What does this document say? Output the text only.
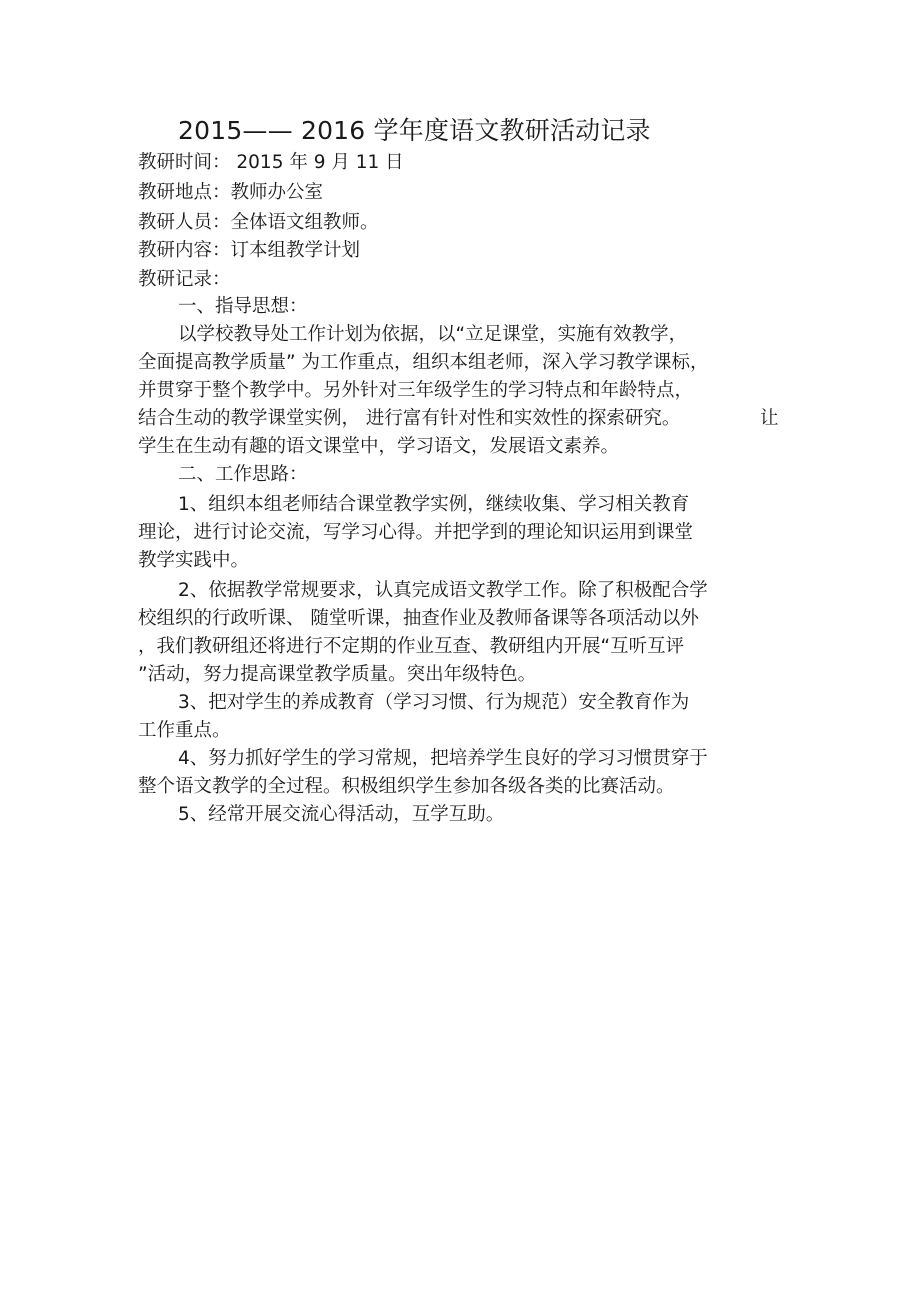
2015—— 2016 学年度语文教研活动记录
教研时间： 2015 年 9 月 11 日
教研地点：教师办公室
教研人员：全体语文组教师。
教研内容：订本组教学计划
教研记录：
一、指导思想：
以学校教导处工作计划为依据，以“立足课堂，实施有效教学，
全面提高教学质量” 为工作重点，组织本组老师，深入学习教学课标，
并贯穿于整个教学中。另外针对三年级学生的学习特点和年龄特点，
结合生动的教学课堂实例， 进行富有针对性和实效性的探索研究。	让
学生在生动有趣的语文课堂中，学习语文，发展语文素养。
二、工作思路：
1、组织本组老师结合课堂教学实例，继续收集、学习相关教育
理论，进行讨论交流，写学习心得。并把学到的理论知识运用到课堂
教学实践中。
2、依据教学常规要求，认真完成语文教学工作。除了积极配合学
校组织的行政听课、 随堂听课，抽查作业及教师备课等各项活动以外
，我们教研组还将进行不定期的作业互查、教研组内开展“互听互评
”活动，努力提高课堂教学质量。突出年级特色。
3、把对学生的养成教育（学习习惯、行为规范）安全教育作为
工作重点。
4、努力抓好学生的学习常规，把培养学生良好的学习习惯贯穿于
整个语文教学的全过程。积极组织学生参加各级各类的比赛活动。
5、经常开展交流心得活动，互学互助。
